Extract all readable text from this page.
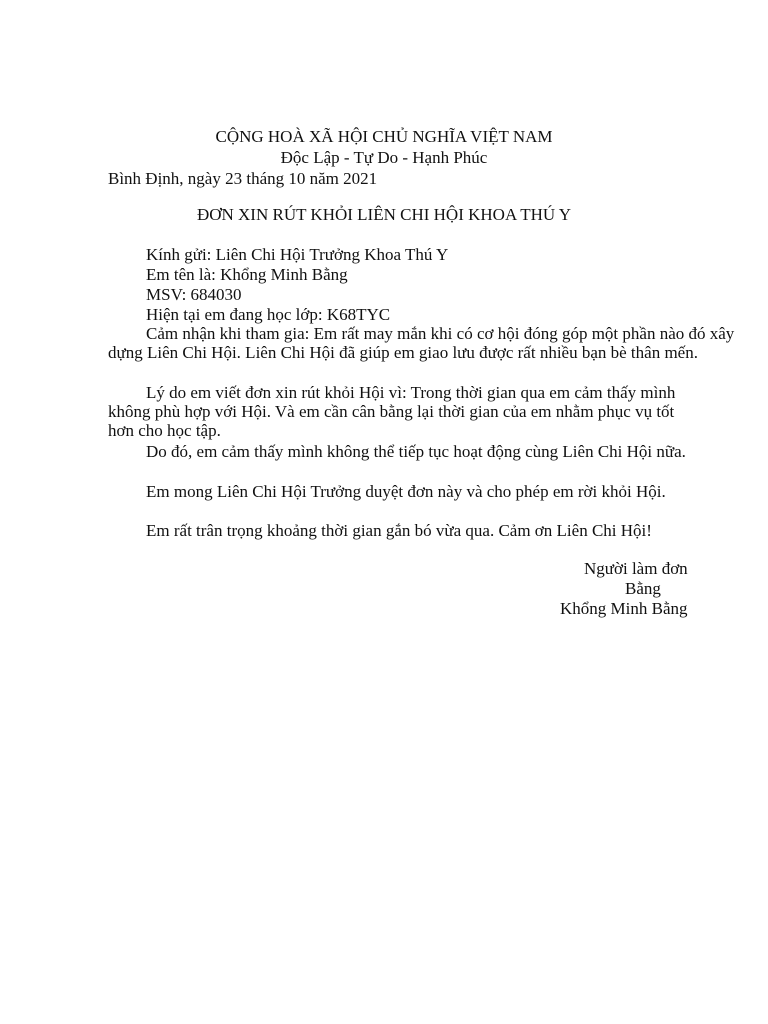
CỘNG HOÀ XÃ HỘI CHỦ NGHĨA VIỆT NAM
Độc Lập - Tự Do - Hạnh Phúc
Bình Định, ngày 23 tháng 10 năm 2021
ĐƠN XIN RÚT KHỎI LIÊN CHI HỘI KHOA THÚ Y
Kính gửi: Liên Chi Hội Trưởng Khoa Thú Y
Em tên là: Khổng Minh Bằng
MSV: 684030
Hiện tại em đang học lớp: K68TYC
Cảm nhận khi tham gia: Em rất may mắn khi có cơ hội đóng góp một phần nào đó xây dựng Liên Chi Hội. Liên Chi Hội đã giúp em giao lưu được rất nhiều bạn bè thân mến.
Lý do em viết đơn xin rút khỏi Hội vì: Trong thời gian qua em cảm thấy mình không phù hợp với Hội. Và em cần cân bằng lại thời gian của em nhằm phục vụ tốt hơn cho học tập.
Do đó, em cảm thấy mình không thể tiếp tục hoạt động cùng Liên Chi Hội nữa.
Em mong Liên Chi Hội Trưởng duyệt đơn này và cho phép em rời khỏi Hội.
Em rất trân trọng khoảng thời gian gắn bó vừa qua. Cảm ơn Liên Chi Hội!
Người làm đơn
Bằng
Khổng Minh Bằng
